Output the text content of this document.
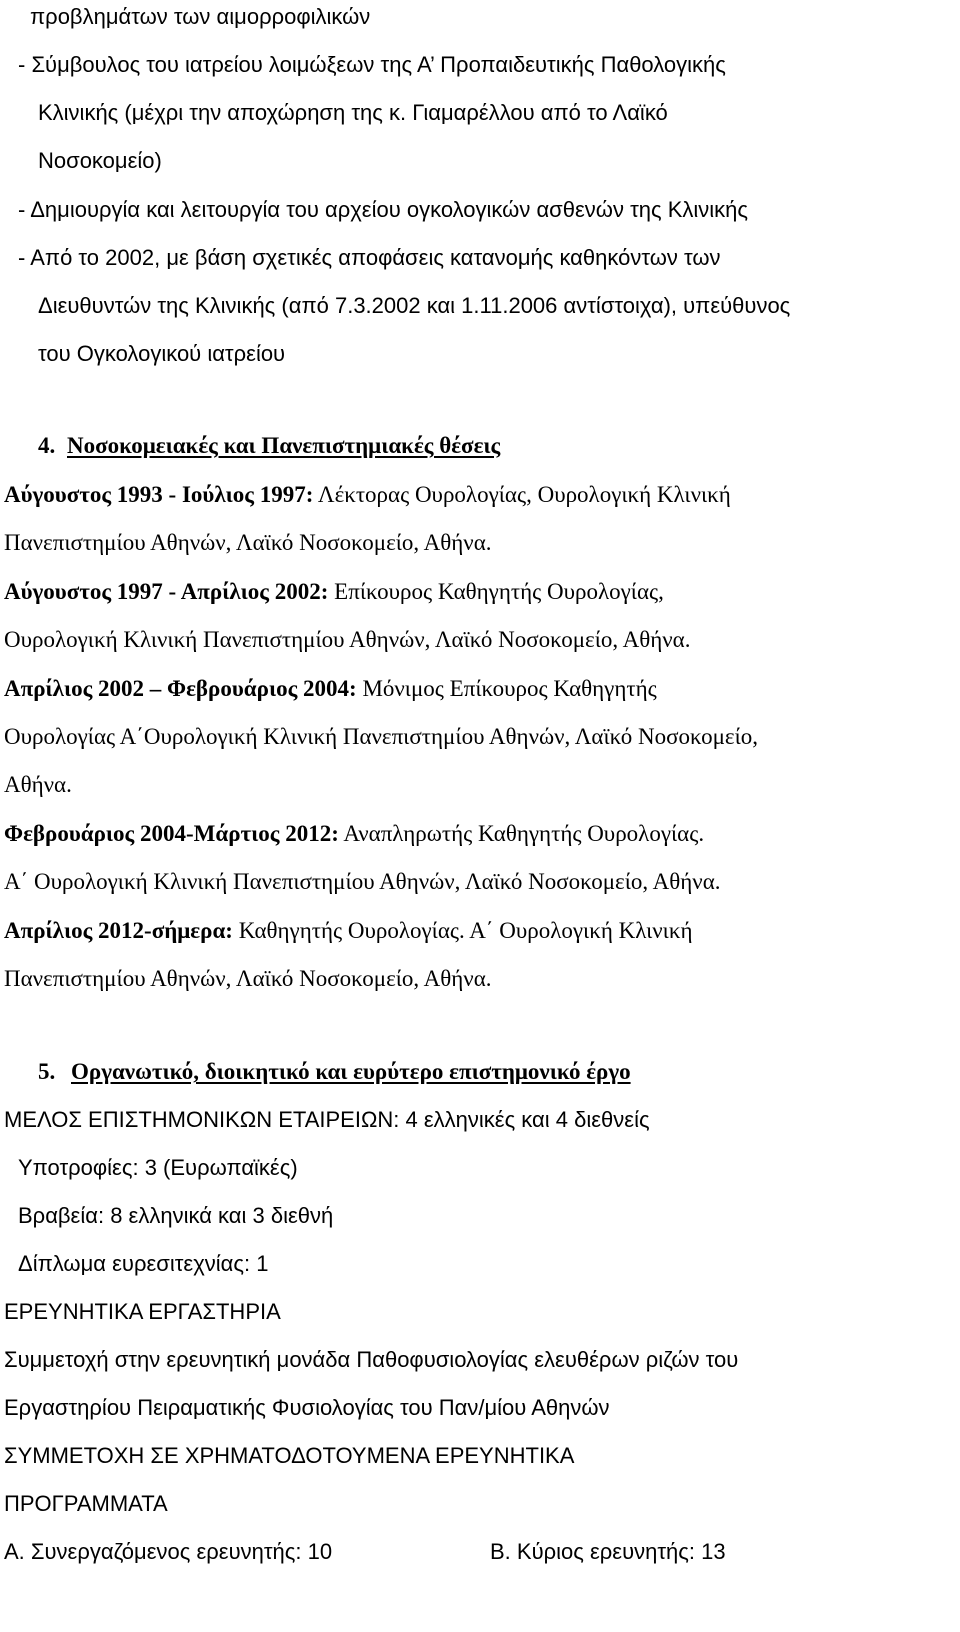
προβλημάτων των αιμορροφιλικών
- Σύμβουλος του ιατρείου λοιμώξεων της Α’ Προπαιδευτικής Παθολογικής
Κλινικής (μέχρι την αποχώρηση της κ. Γιαμαρέλλου από το Λαϊκό
Νοσοκομείο)
- Δημιουργία και λειτουργία του αρχείου ογκολογικών ασθενών της Κλινικής
- Από το 2002, με βάση σχετικές αποφάσεις κατανομής καθηκόντων των
Διευθυντών της Κλινικής (από 7.3.2002 και 1.11.2006 αντίστοιχα), υπεύθυνος
του Ογκολογικού ιατρείου
4. Νοσοκομειακές και Πανεπιστημιακές θέσεις
Αύγουστος 1993 - Ιούλιος 1997: Λέκτορας Ουρολογίας, Ουρολογική Κλινική
Πανεπιστημίου Αθηνών, Λαϊκό Νοσοκομείο, Αθήνα.
Αύγουστος 1997 - Απρίλιος 2002: Επίκουρος Καθηγητής Ουρολογίας,
Ουρολογική Κλινική Πανεπιστημίου Αθηνών, Λαϊκό Νοσοκομείο, Αθήνα.
Απρίλιος 2002 – Φεβρουάριος 2004: Μόνιμος Επίκουρος Καθηγητής
Ουρολογίας Α΄Ουρολογική Κλινική Πανεπιστημίου Αθηνών, Λαϊκό Νοσοκομείο,
Αθήνα.
Φεβρουάριος 2004-Μάρτιος 2012: Αναπληρωτής Καθηγητής Ουρολογίας.
Α΄ Ουρολογική Κλινική Πανεπιστημίου Αθηνών, Λαϊκό Νοσοκομείο, Αθήνα.
Απρίλιος 2012-σήμερα: Καθηγητής Ουρολογίας. Α΄ Ουρολογική Κλινική
Πανεπιστημίου Αθηνών, Λαϊκό Νοσοκομείο, Αθήνα.
5. Οργανωτικό, διοικητικό και ευρύτερο επιστημονικό έργο
ΜΕΛΟΣ ΕΠΙΣΤΗΜΟΝΙΚΩΝ ΕΤΑΙΡΕΙΩΝ: 4 ελληνικές και 4 διεθνείς
Υποτροφίες: 3 (Ευρωπαϊκές)
Βραβεία: 8 ελληνικά και 3 διεθνή
Δίπλωμα ευρεσιτεχνίας: 1
ΕΡΕΥΝΗΤΙΚΑ ΕΡΓΑΣΤΗΡΙΑ
Συμμετοχή στην ερευνητική μονάδα Παθοφυσιολογίας ελευθέρων ριζών του
Εργαστηρίου Πειραματικής Φυσιολογίας του Παν/μίου Αθηνών
ΣΥΜΜΕΤΟΧΗ ΣΕ ΧΡΗΜΑΤΟΔΟΤΟΥΜΕΝΑ ΕΡΕΥΝΗΤΙΚΑ
ΠΡΟΓΡΑΜΜΑΤΑ
Α. Συνεργαζόμενος ερευνητής: 10	Β. Κύριος ερευνητής: 13
